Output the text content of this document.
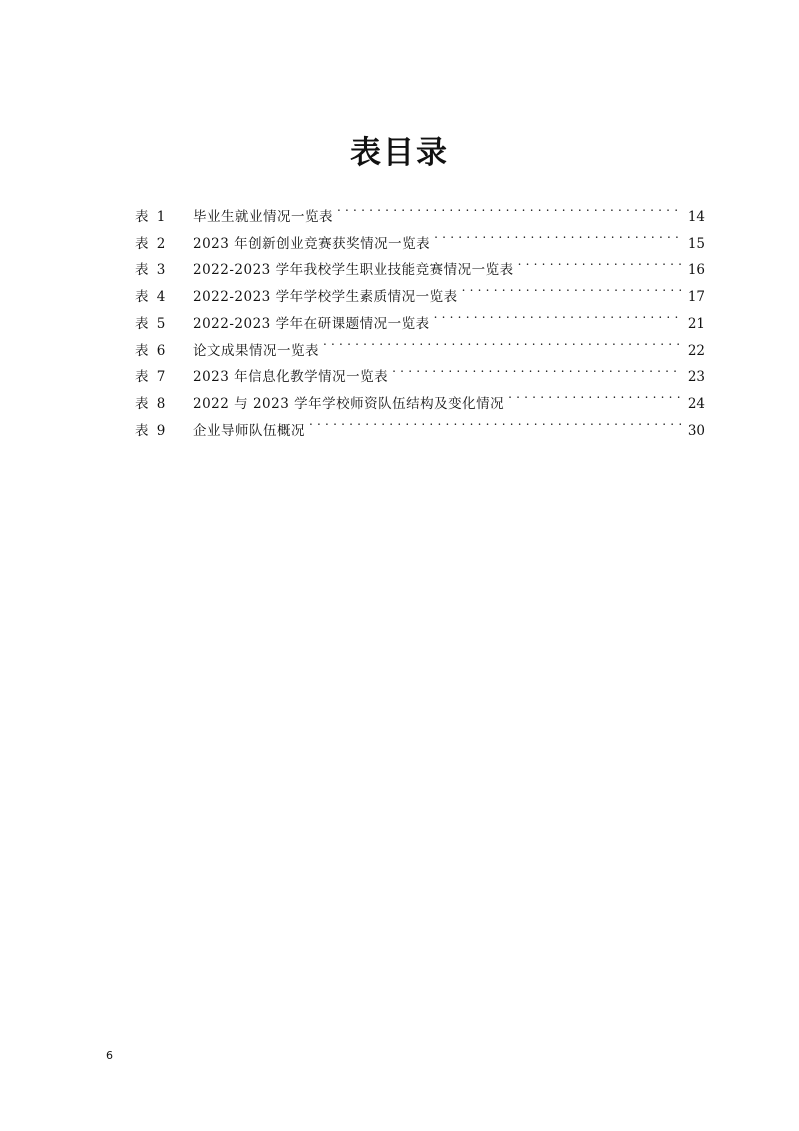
表目录
表 1	毕业生就业情况一览表 . . .	14
表 2	2023 年创新创业竞赛获奖情况一览表 . . .	15
表 3	2022-2023 学年我校学生职业技能竞赛情况一览表 . . .	16
表 4	2022-2023 学年学校学生素质情况一览表 . . .	17
表 5	2022-2023 学年在研课题情况一览表 . . .	21
表 6	论文成果情况一览表 . . .	22
表 7	2023 年信息化教学情况一览表 . . .	23
表 8	2022 与 2023 学年学校师资队伍结构及变化情况 . . .	24
表 9	企业导师队伍概况 . . .	30
6
